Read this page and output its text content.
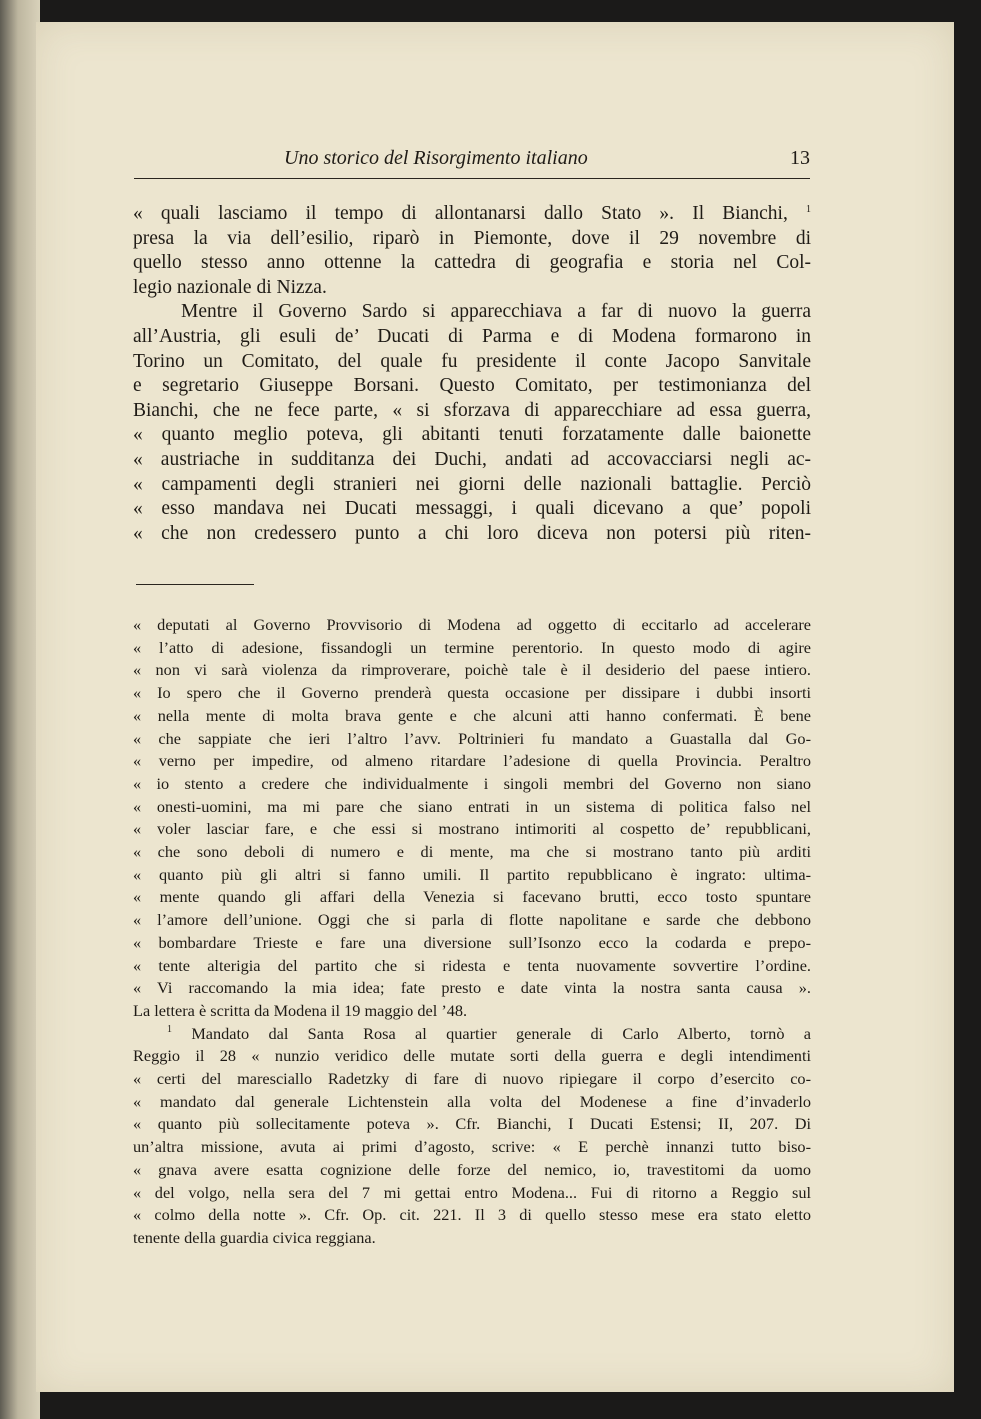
Uno storico del Risorgimento italiano	13

« quali lasciamo il tempo di allontanarsi dallo Stato ». Il Bianchi, $^1$
presa la via dell’esilio, riparò in Piemonte, dove il 29 novembre di
quello stesso anno ottenne la cattedra di geografia e storia nel Col-
legio nazionale di Nizza.

Mentre il Governo Sardo si apparecchiava a far di nuovo la guerra
all’Austria, gli esuli de’ Ducati di Parma e di Modena formarono in
Torino un Comitato, del quale fu presidente il conte Jacopo Sanvitale
e segretario Giuseppe Borsani. Questo Comitato, per testimonianza del
Bianchi, che ne fece parte, « si sforzava di apparecchiare ad essa guerra,
« quanto meglio poteva, gli abitanti tenuti forzatamente dalle baionette
« austriache in sudditanza dei Duchi, andati ad accovacciarsi negli ac-
« campamenti degli stranieri nei giorni delle nazionali battaglie. Perciò
« esso mandava nei Ducati messaggi, i quali dicevano a que’ popoli
« che non credessero punto a chi loro diceva non potersi più riten-

« deputati al Governo Provvisorio di Modena ad oggetto di eccitarlo ad accelerare
« l’atto di adesione, fissandogli un termine perentorio. In questo modo di agire
« non vi sarà violenza da rimproverare, poichè tale è il desiderio del paese intiero.
« Io spero che il Governo prenderà questa occasione per dissipare i dubbi insorti
« nella mente di molta brava gente e che alcuni atti hanno confermati. È bene
« che sappiate che ieri l’altro l’avv. Poltrinieri fu mandato a Guastalla dal Go-
« verno per impedire, od almeno ritardare l’adesione di quella Provincia. Peraltro
« io stento a credere che individualmente i singoli membri del Governo non siano
« onesti-uomini, ma mi pare che siano entrati in un sistema di politica falso nel
« voler lasciar fare, e che essi si mostrano intimoriti al cospetto de’ repubblicani,
« che sono deboli di numero e di mente, ma che si mostrano tanto più arditi
« quanto più gli altri si fanno umili. Il partito repubblicano è ingrato: ultima-
« mente quando gli affari della Venezia si facevano brutti, ecco tosto spuntare
« l’amore dell’unione. Oggi che si parla di flotte napolitane e sarde che debbono
« bombardare Trieste e fare una diversione sull’Isonzo ecco la codarda e prepo-
« tente alterigia del partito che si ridesta e tenta nuovamente sovvertire l’ordine.
« Vi raccomando la mia idea; fate presto e date vinta la nostra santa causa ».
La lettera è scritta da Modena il 19 maggio del ’48.

$^1$ Mandato dal Santa Rosa al quartier generale di Carlo Alberto, tornò a
Reggio il 28 « nunzio veridico delle mutate sorti della guerra e degli intendimenti
« certi del maresciallo Radetzky di fare di nuovo ripiegare il corpo d’esercito co-
« mandato dal generale Lichtenstein alla volta del Modenese a fine d’invaderlo
« quanto più sollecitamente poteva ». Cfr. Bianchi, I Ducati Estensi; II, 207. Di
un’altra missione, avuta ai primi d’agosto, scrive: « E perchè innanzi tutto biso-
« gnava avere esatta cognizione delle forze del nemico, io, travestitomi da uomo
« del volgo, nella sera del 7 mi gettai entro Modena... Fui di ritorno a Reggio sul
« colmo della notte ». Cfr. Op. cit. 221. Il 3 di quello stesso mese era stato eletto
tenente della guardia civica reggiana.
